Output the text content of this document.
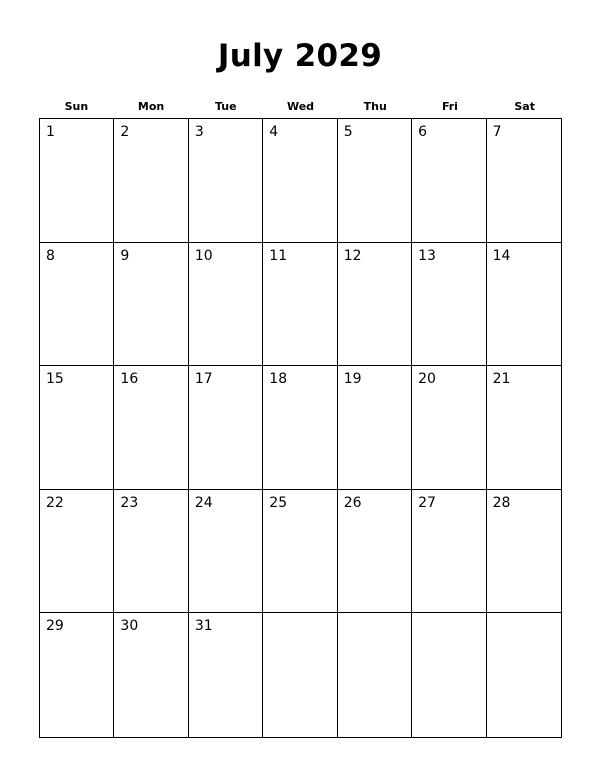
July 2029
Sun	Mon	Tue	Wed	Thu	Fri	Sat
1	2	3	4	5	6	7
8	9	10	11	12	13	14
15	16	17	18	19	20	21
22	23	24	25	26	27	28
29	30	31
